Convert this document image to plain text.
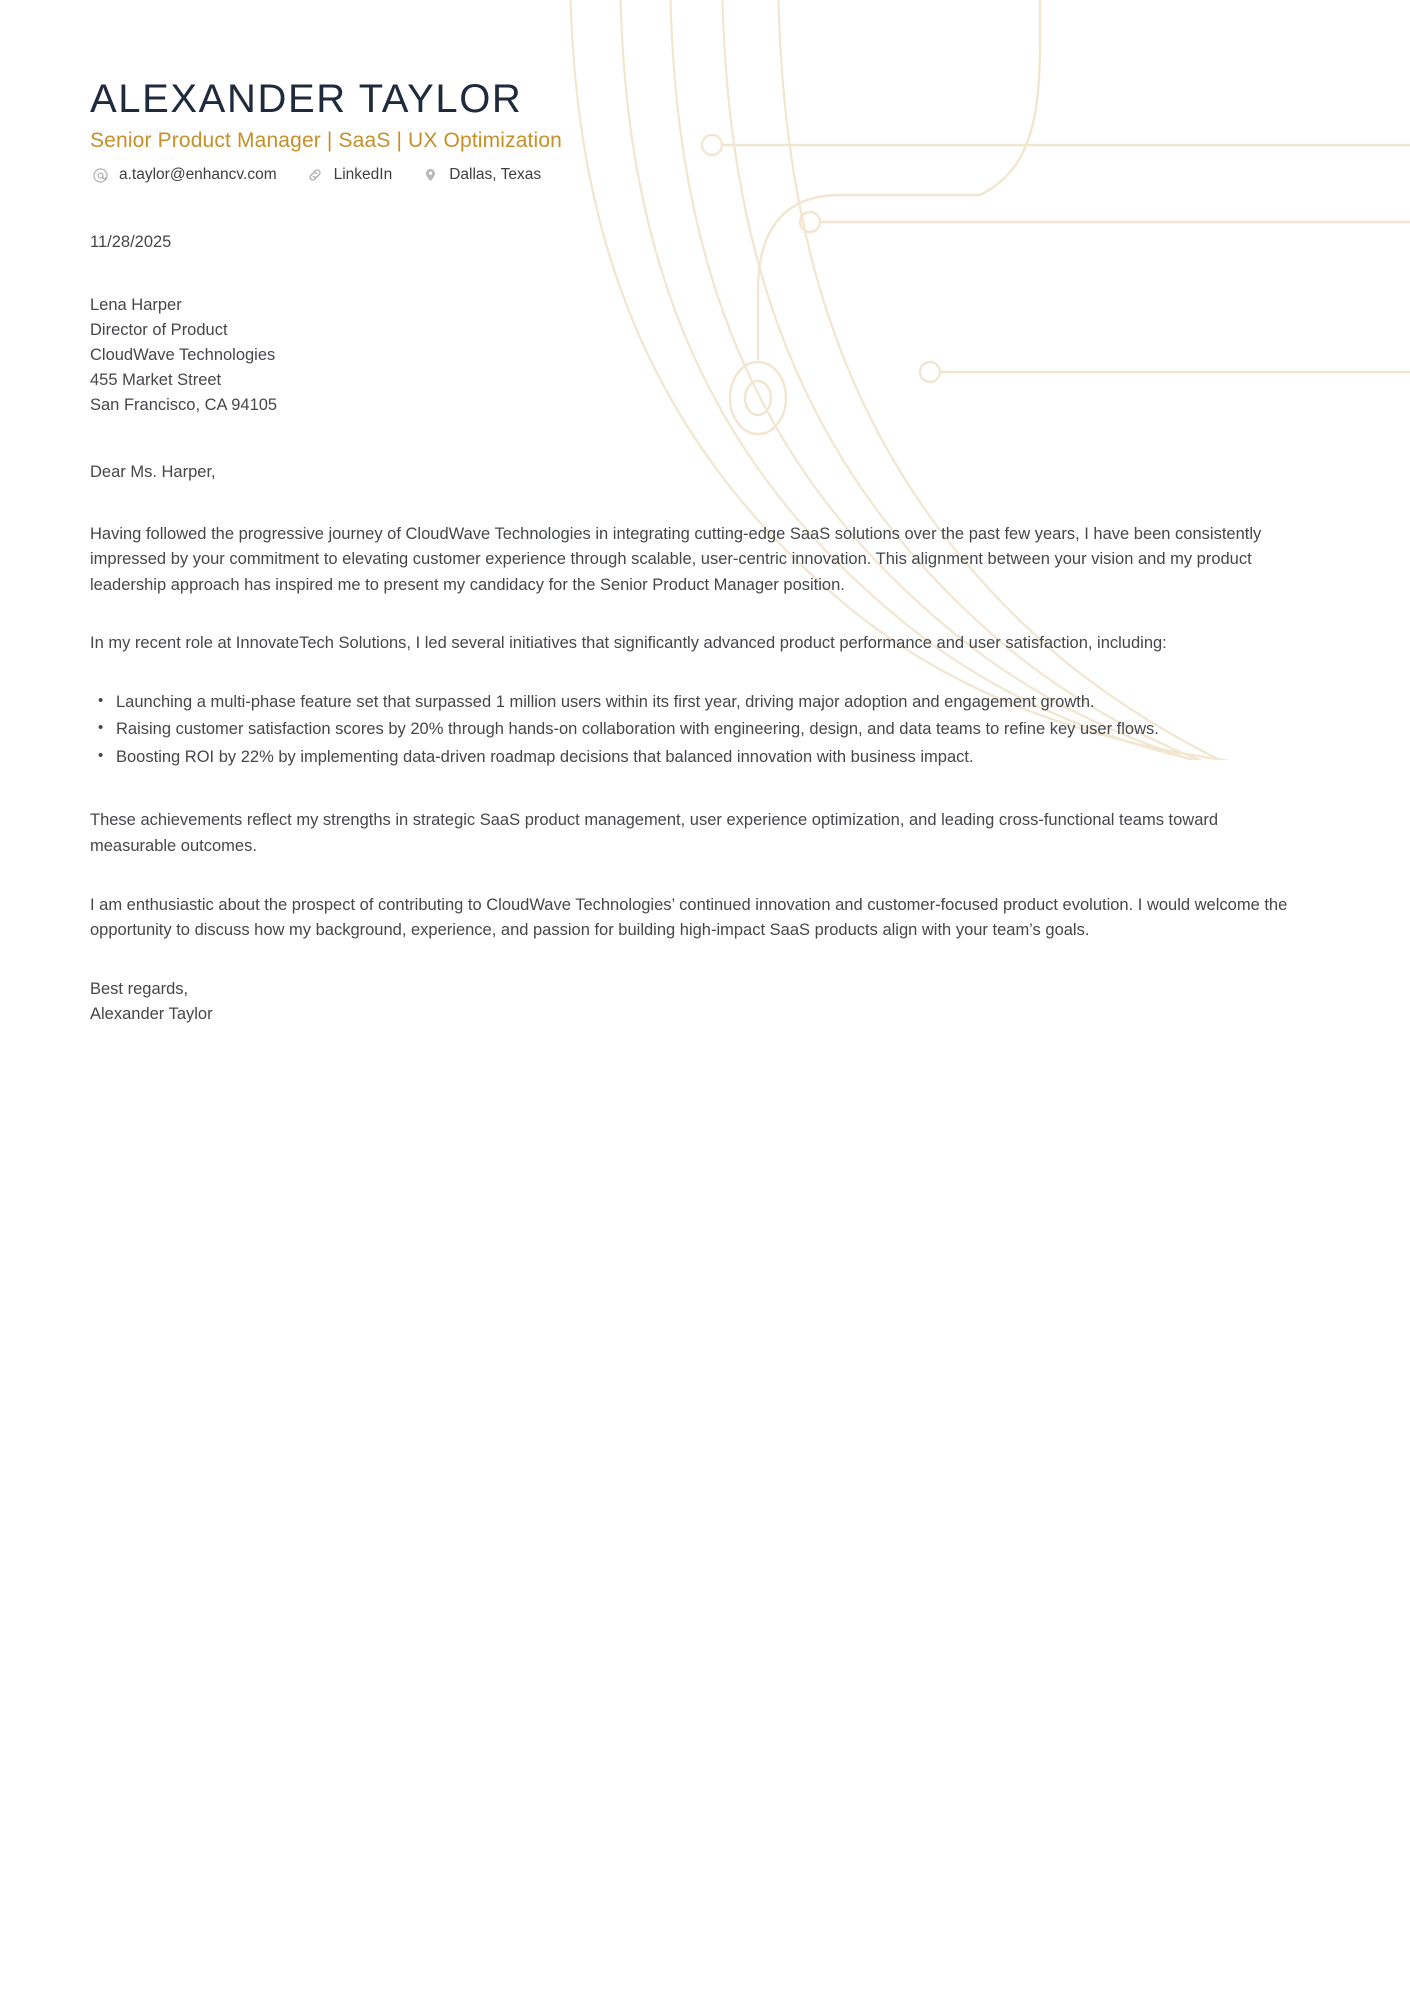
ALEXANDER TAYLOR
Senior Product Manager | SaaS | UX Optimization
a.taylor@enhancv.com	LinkedIn	Dallas, Texas
11/28/2025
Lena Harper
Director of Product
CloudWave Technologies
455 Market Street
San Francisco, CA 94105
Dear Ms. Harper,

Having followed the progressive journey of CloudWave Technologies in integrating cutting-edge SaaS solutions over the past few years, I have been consistently impressed by your commitment to elevating customer experience through scalable, user-centric innovation. This alignment between your vision and my product leadership approach has inspired me to present my candidacy for the Senior Product Manager position.

In my recent role at InnovateTech Solutions, I led several initiatives that significantly advanced product performance and user satisfaction, including:

• Launching a multi-phase feature set that surpassed 1 million users within its first year, driving major adoption and engagement growth.
• Raising customer satisfaction scores by 20% through hands-on collaboration with engineering, design, and data teams to refine key user flows.
• Boosting ROI by 22% by implementing data-driven roadmap decisions that balanced innovation with business impact.

These achievements reflect my strengths in strategic SaaS product management, user experience optimization, and leading cross-functional teams toward measurable outcomes.

I am enthusiastic about the prospect of contributing to CloudWave Technologies’ continued innovation and customer-focused product evolution. I would welcome the opportunity to discuss how my background, experience, and passion for building high-impact SaaS products align with your team’s goals.

Best regards,
Alexander Taylor
